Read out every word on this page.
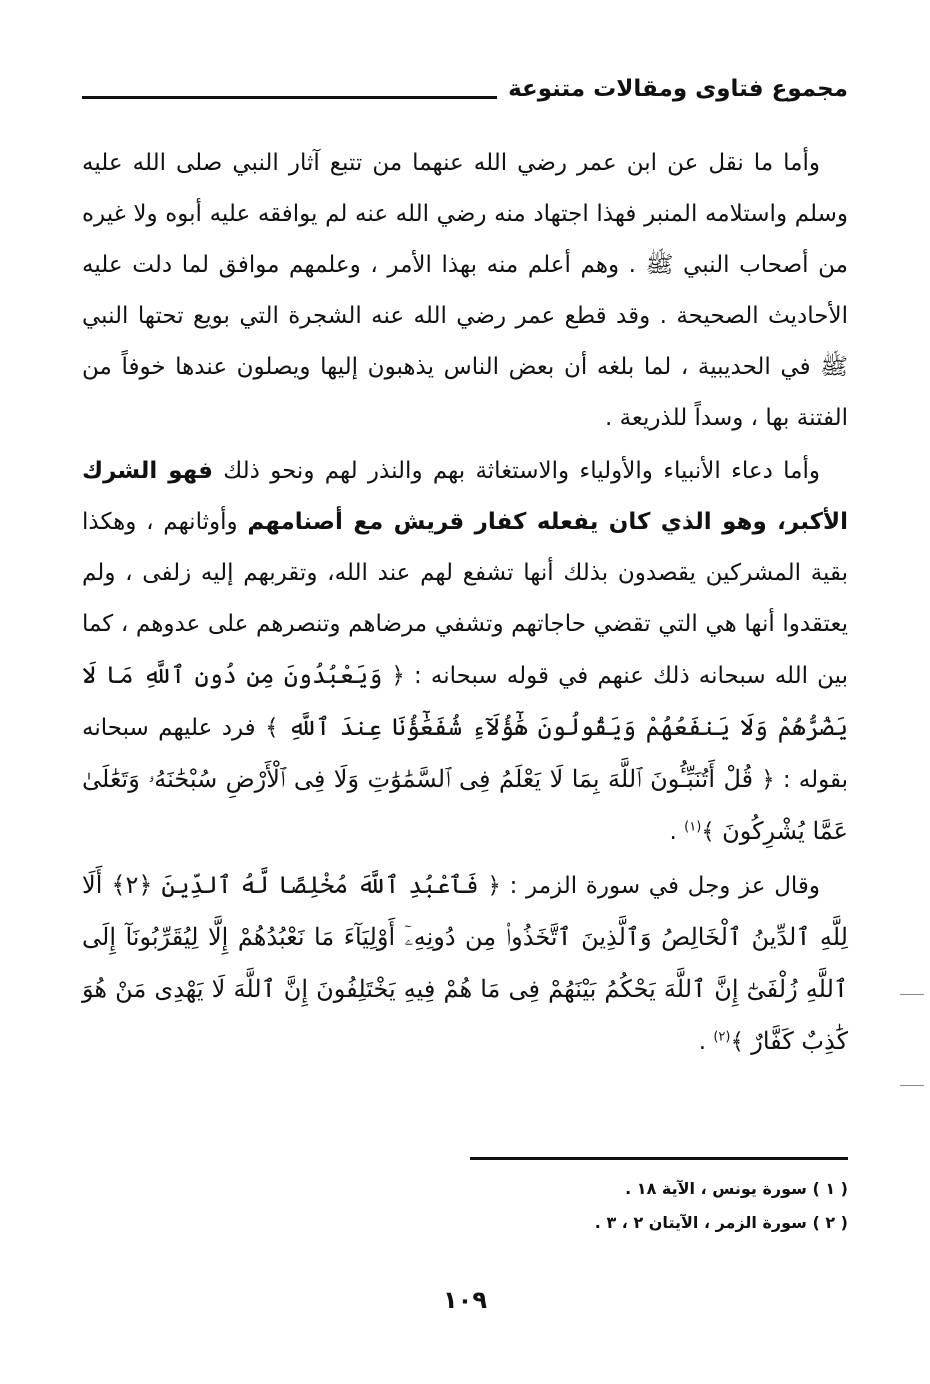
مجموع فتاوى ومقالات متنوعة

وأما ما نقل عن ابن عمر رضي الله عنهما من تتبع آثار النبي صلى الله عليه وسلم واستلامه المنبر فهذا اجتهاد منه رضي الله عنه لم يوافقه عليه أبوه ولا غيره من أصحاب النبي ﷺ . وهم أعلم منه بهذا الأمر ، وعلمهم موافق لما دلت عليه الأحاديث الصحيحة . وقد قطع عمر رضي الله عنه الشجرة التي بويع تحتها النبي ﷺ في الحديبية ، لما بلغه أن بعض الناس يذهبون إليها ويصلون عندها خوفاً من الفتنة بها ، وسداً للذريعة .

وأما دعاء الأنبياء والأولياء والاستغاثة بهم والنذر لهم ونحو ذلك فهو الشرك الأكبر، وهو الذي كان يفعله كفار قريش مع أصنامهم وأوثانهم ، وهكذا بقية المشركين يقصدون بذلك أنها تشفع لهم عند الله، وتقربهم إليه زلفى ، ولم يعتقدوا أنها هي التي تقضي حاجاتهم وتشفي مرضاهم وتنصرهم على عدوهم ، كما بين الله سبحانه ذلك عنهم في قوله سبحانه : ﴿ وَيَعْبُدُونَ مِن دُونِ ٱللَّهِ مَا لَا يَضُرُّهُمْ وَلَا يَنفَعُهُمْ وَيَقُولُونَ هَٰٓؤُلَآءِ شُفَعَٰٓؤُنَا عِندَ ٱللَّهِ ﴾ فرد عليهم سبحانه بقوله : ﴿ قُلْ أَتُنَبِّـُٔونَ ٱللَّهَ بِمَا لَا يَعْلَمُ فِى ٱلسَّمَٰوَٰتِ وَلَا فِى ٱلْأَرْضِ سُبْحَٰنَهُۥ وَتَعَٰلَىٰ عَمَّا يُشْرِكُونَ ﴾$^{(١)}$ .

وقال عز وجل في سورة الزمر : ﴿ فَٱعْبُدِ ٱللَّهَ مُخْلِصًا لَّهُ ٱلدِّينَ ﴿٢﴾ أَلَا لِلَّهِ ٱلدِّينُ ٱلْخَالِصُ وَٱلَّذِينَ ٱتَّخَذُوا۟ مِن دُونِهِۦٓ أَوْلِيَآءَ مَا نَعْبُدُهُمْ إِلَّا لِيُقَرِّبُونَآ إِلَى ٱللَّهِ زُلْفَىٰٓ إِنَّ ٱللَّهَ يَحْكُمُ بَيْنَهُمْ فِى مَا هُمْ فِيهِ يَخْتَلِفُونَ إِنَّ ٱللَّهَ لَا يَهْدِى مَنْ هُوَ كَٰذِبٌ كَفَّارٌ ﴾$^{(٢)}$ .

( ١ ) سورة يونس ، الآية ١٨ .
( ٢ ) سورة الزمر ، الآيتان ٢ ، ٣ .
١٠٩
